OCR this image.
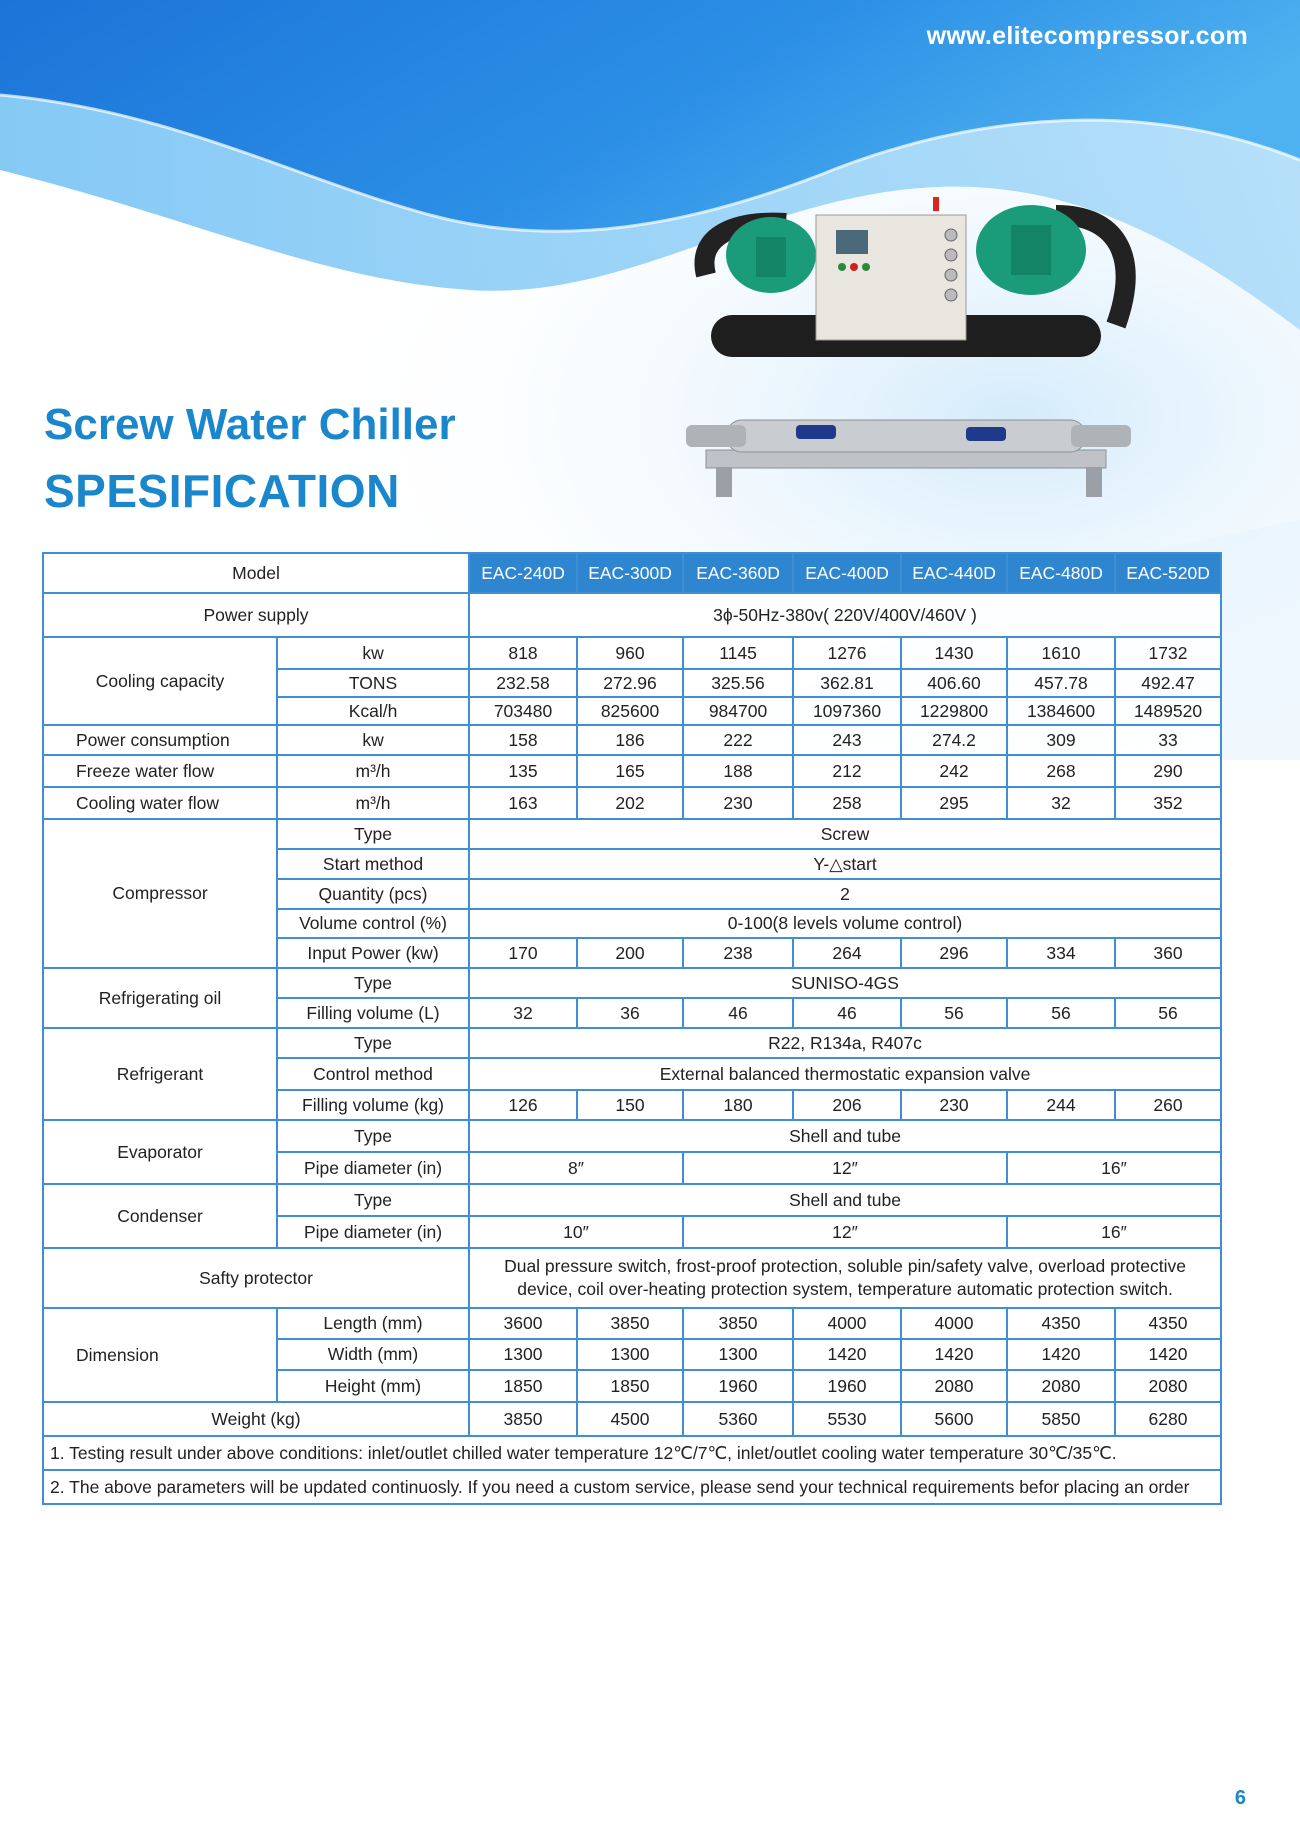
www.elitecompressor.com
Screw Water Chiller
SPESIFICATION
Model		EAC-240D	EAC-300D	EAC-360D	EAC-400D	EAC-440D	EAC-480D	EAC-520D
Power supply		3ϕ-50Hz-380v( 220V/400V/460V )						
Cooling capacity	kw	818	960	1145	1276	1430	1610	1732
	TONS	232.58	272.96	325.56	362.81	406.60	457.78	492.47
	Kcal/h	703480	825600	984700	1097360	1229800	1384600	1489520
Power consumption	kw	158	186	222	243	274.2	309	33
Freeze water flow	m³/h	135	165	188	212	242	268	290
Cooling water flow	m³/h	163	202	230	258	295	32	352
Compressor	Type	Screw						
	Start method	Y-△start						
	Quantity (pcs)	2						
	Volume control (%)	0-100(8 levels volume control)						
	Input Power (kw)	170	200	238	264	296	334	360
Refrigerating oil	Type	SUNISO-4GS						
	Filling volume (L)	32	36	46	46	56	56	56
Refrigerant	Type	R22, R134a, R407c						
	Control method	External balanced thermostatic expansion valve						
	Filling volume (kg)	126	150	180	206	230	244	260
Evaporator	Type	Shell and tube						
	Pipe diameter (in)	8″		12″			16″	
Condenser	Type	Shell and tube						
	Pipe diameter (in)	10″		12″			16″	
Safty protector		Dual pressure switch, frost-proof protection, soluble pin/safety valve, overload protective device, coil over-heating protection system, temperature automatic protection switch.						
Dimension	Length (mm)	3600	3850	3850	4000	4000	4350	4350
	Width (mm)	1300	1300	1300	1420	1420	1420	1420
	Height (mm)	1850	1850	1960	1960	2080	2080	2080
Weight (kg)		3850	4500	5360	5530	5600	5850	6280
1. Testing result under above conditions: inlet/outlet chilled water temperature 12℃/7℃, inlet/outlet cooling water temperature 30℃/35℃.								
2. The above parameters will be updated continuosly. If you need a custom service, please send your technical requirements befor placing an order								
6
